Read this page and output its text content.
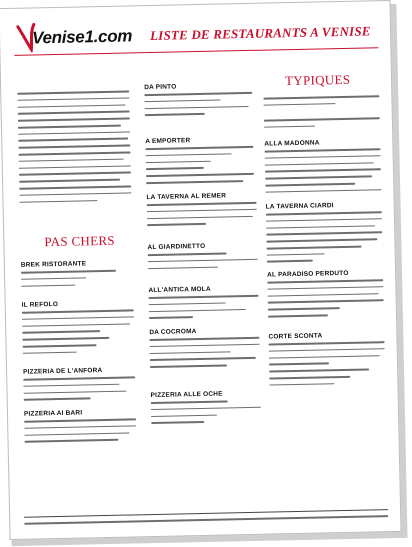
Venise1.com LISTE DE RESTAURANTS A VENISE
PAS CHERS
BREK RISTORANTE
IL REFOLO
PIZZERIA DE L'ANFORA
PIZZERIA AI BARI
DA PINTO
A EMPORTER
LA TAVERNA AL REMER
AL GIARDINETTO
ALL'ANTICA MOLA
DA COCROMA
PIZZERIA ALLE OCHE
TYPIQUES
ALLA MADONNA
LA TAVERNA CIARDI
AL PARADISO PERDUTO
CORTE SCONTA
